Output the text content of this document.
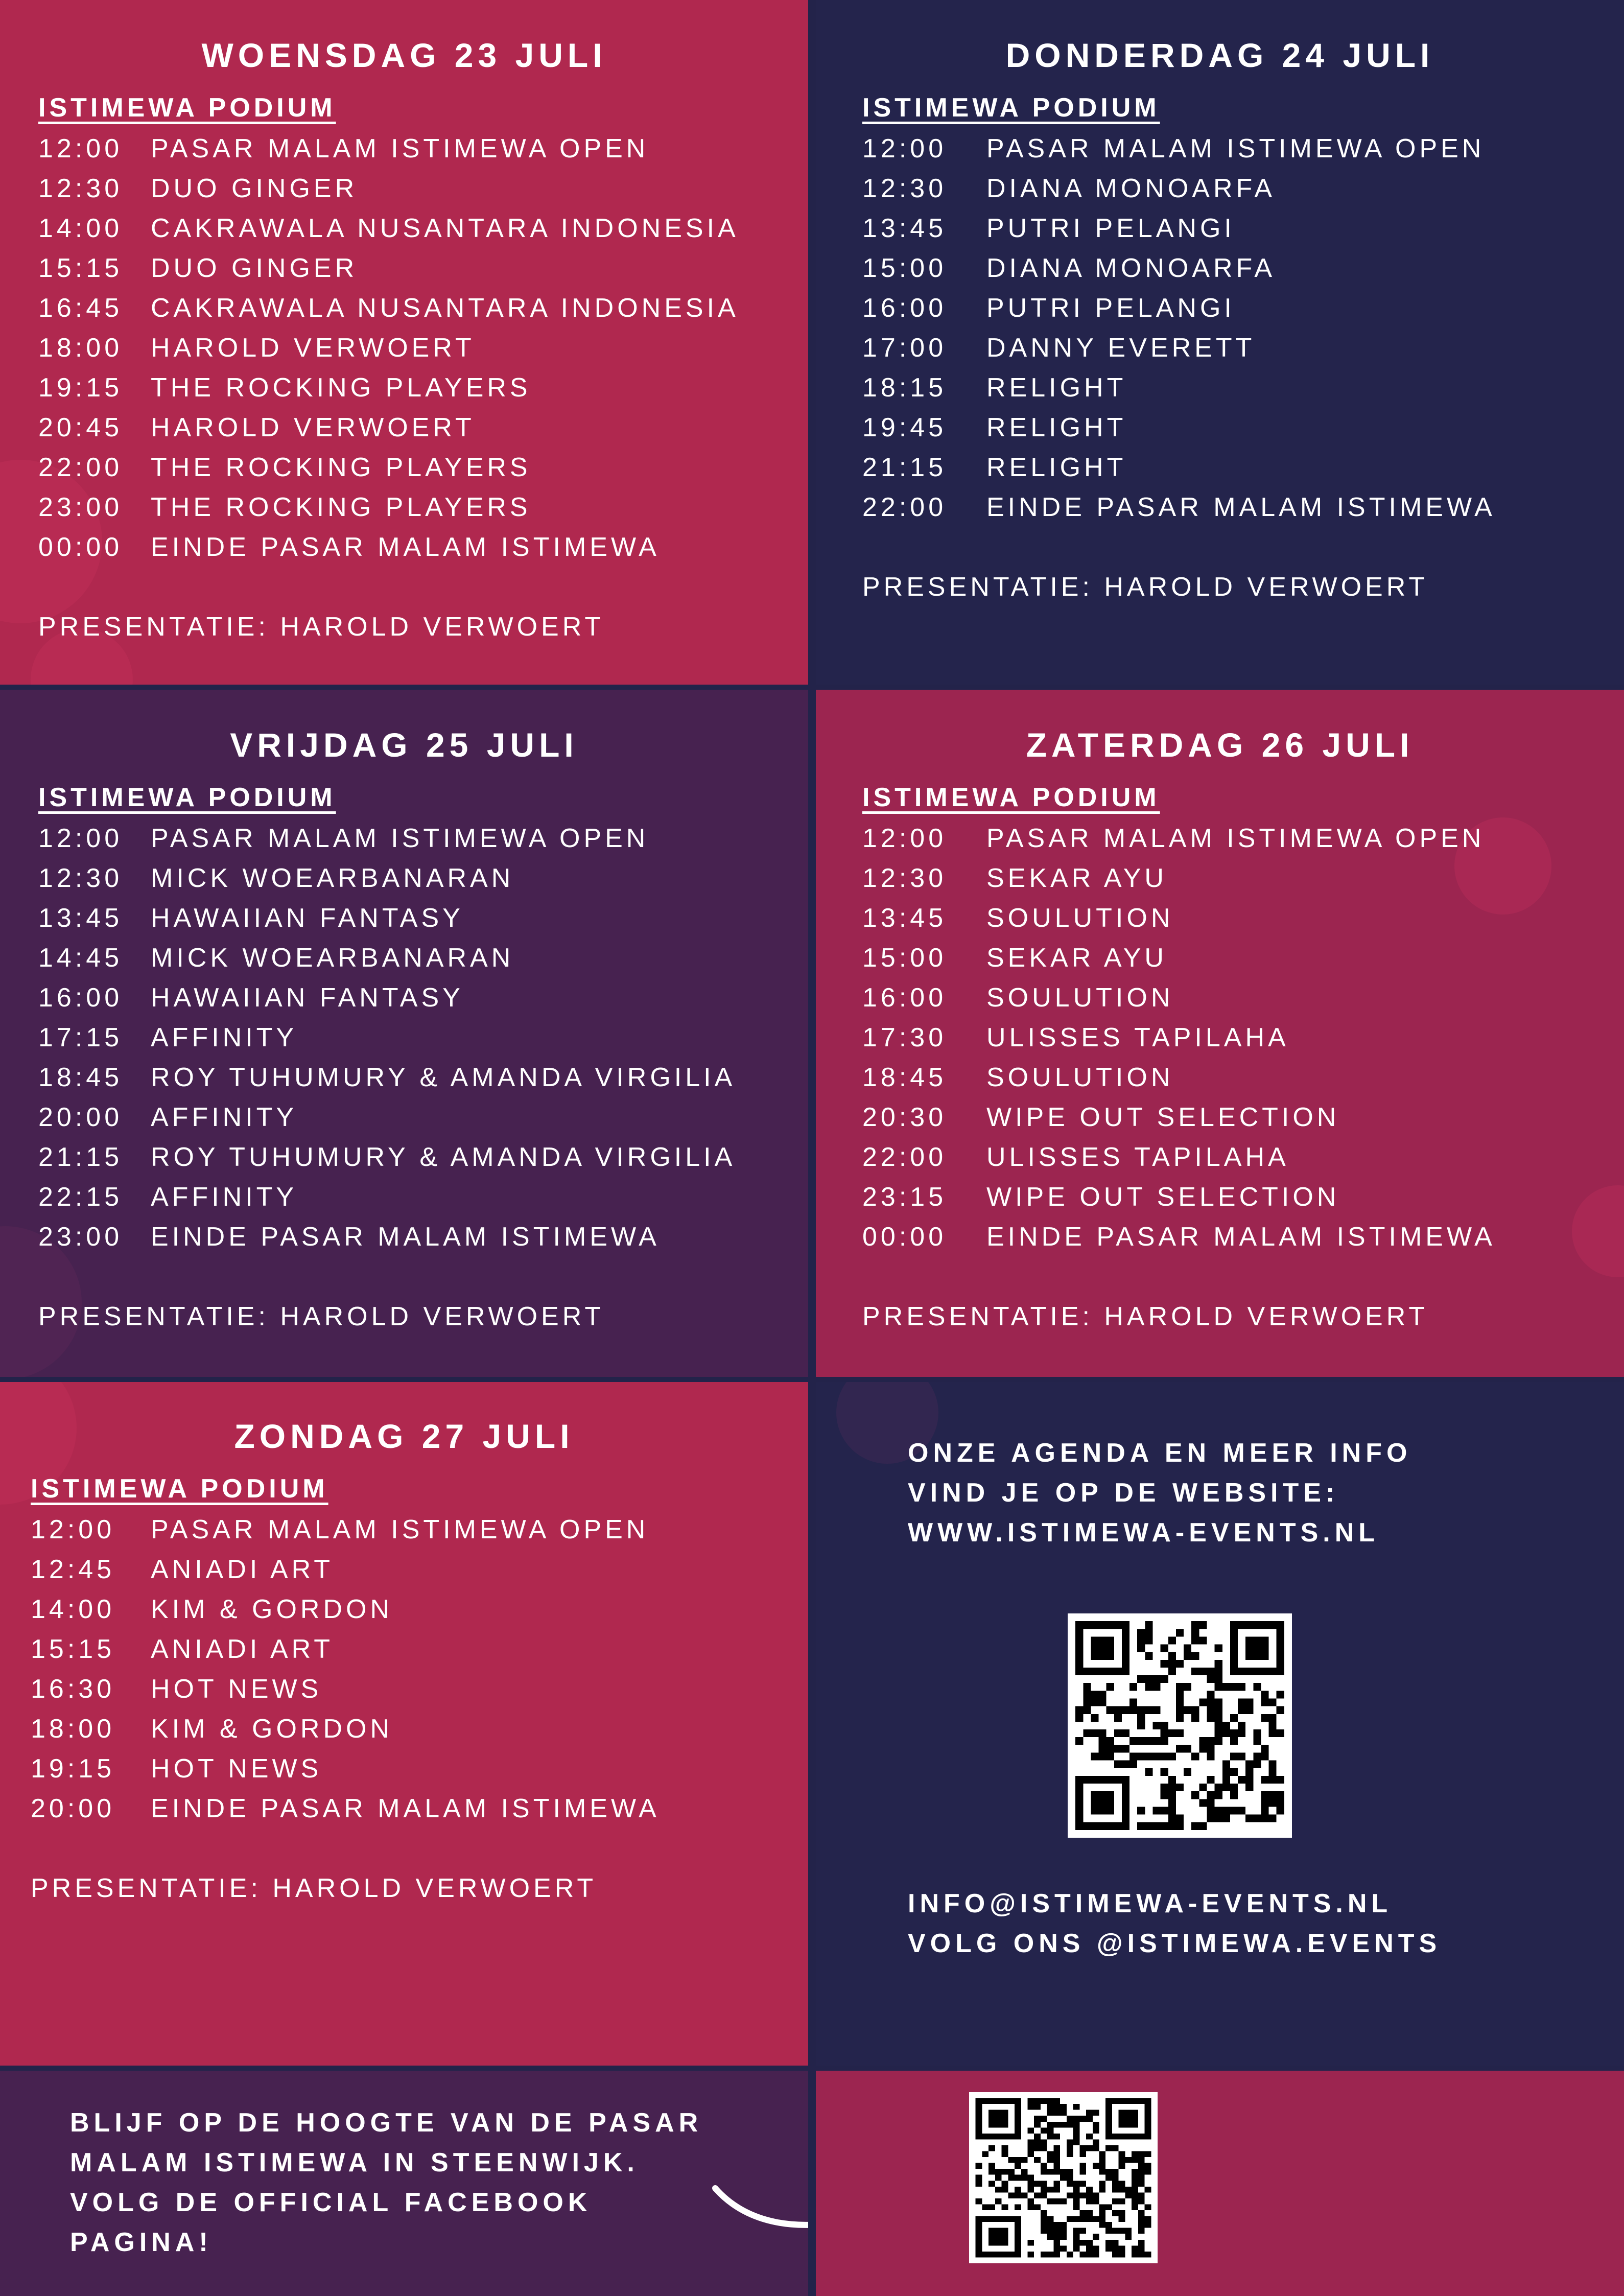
WOENSDAG 23 JULI
ISTIMEWA PODIUM
12:00	PASAR MALAM ISTIMEWA OPEN
12:30	DUO GINGER
14:00	CAKRAWALA NUSANTARA INDONESIA
15:15	DUO GINGER
16:45	CAKRAWALA NUSANTARA INDONESIA
18:00	HAROLD VERWOERT
19:15	THE ROCKING PLAYERS
20:45	HAROLD VERWOERT
22:00	THE ROCKING PLAYERS
23:00	THE ROCKING PLAYERS
00:00	EINDE PASAR MALAM ISTIMEWA
PRESENTATIE: HAROLD VERWOERT
DONDERDAG 24 JULI
ISTIMEWA PODIUM
12:00	PASAR MALAM ISTIMEWA OPEN
12:30	DIANA MONOARFA
13:45	PUTRI PELANGI
15:00	DIANA MONOARFA
16:00	PUTRI PELANGI
17:00	DANNY EVERETT
18:15	RELIGHT
19:45	RELIGHT
21:15	RELIGHT
22:00	EINDE PASAR MALAM ISTIMEWA
PRESENTATIE: HAROLD VERWOERT
VRIJDAG 25 JULI
ISTIMEWA PODIUM
12:00	PASAR MALAM ISTIMEWA OPEN
12:30	MICK WOEARBANARAN
13:45	HAWAIIAN FANTASY
14:45	MICK WOEARBANARAN
16:00	HAWAIIAN FANTASY
17:15	AFFINITY
18:45	ROY TUHUMURY & AMANDA VIRGILIA
20:00	AFFINITY
21:15	ROY TUHUMURY & AMANDA VIRGILIA
22:15	AFFINITY
23:00	EINDE PASAR MALAM ISTIMEWA
PRESENTATIE: HAROLD VERWOERT
ZATERDAG 26 JULI
ISTIMEWA PODIUM
12:00	PASAR MALAM ISTIMEWA OPEN
12:30	SEKAR AYU
13:45	SOULUTION
15:00	SEKAR AYU
16:00	SOULUTION
17:30	ULISSES TAPILAHA
18:45	SOULUTION
20:30	WIPE OUT SELECTION
22:00	ULISSES TAPILAHA
23:15	WIPE OUT SELECTION
00:00	EINDE PASAR MALAM ISTIMEWA
PRESENTATIE: HAROLD VERWOERT
ZONDAG 27 JULI
ISTIMEWA PODIUM
12:00	PASAR MALAM ISTIMEWA OPEN
12:45	ANIADI ART
14:00	KIM & GORDON
15:15	ANIADI ART
16:30	HOT NEWS
18:00	KIM & GORDON
19:15	HOT NEWS
20:00	EINDE PASAR MALAM ISTIMEWA
PRESENTATIE: HAROLD VERWOERT
ONZE AGENDA EN MEER INFO
VIND JE OP DE WEBSITE:
WWW.ISTIMEWA-EVENTS.NL
INFO@ISTIMEWA-EVENTS.NL
VOLG ONS @ISTIMEWA.EVENTS
BLIJF OP DE HOOGTE VAN DE PASAR
MALAM ISTIMEWA IN STEENWIJK.
VOLG DE OFFICIAL FACEBOOK
PAGINA!
